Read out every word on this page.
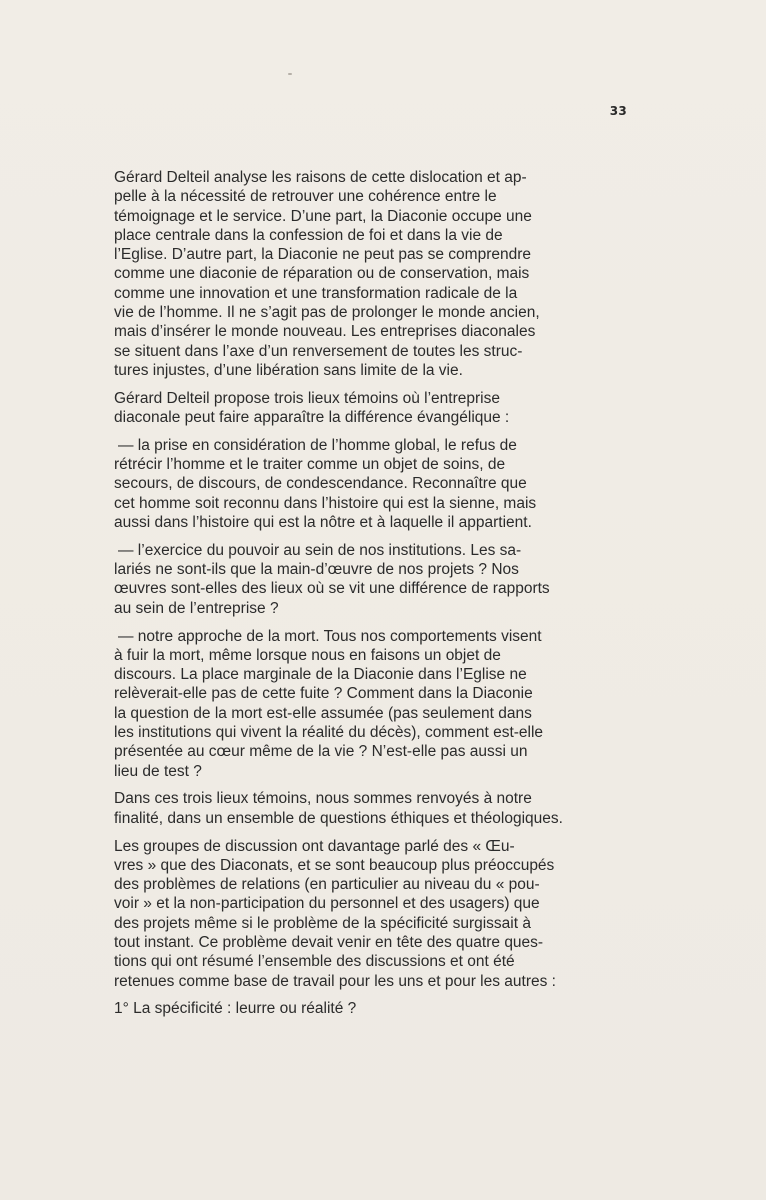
33

Gérard Delteil analyse les raisons de cette dislocation et ap-
pelle à la nécessité de retrouver une cohérence entre le
témoignage et le service. D’une part, la Diaconie occupe une
place centrale dans la confession de foi et dans la vie de
l’Eglise. D’autre part, la Diaconie ne peut pas se comprendre
comme une diaconie de réparation ou de conservation, mais
comme une innovation et une transformation radicale de la
vie de l’homme. Il ne s’agit pas de prolonger le monde ancien,
mais d’insérer le monde nouveau. Les entreprises diaconales
se situent dans l’axe d’un renversement de toutes les struc-
tures injustes, d’une libération sans limite de la vie.

Gérard Delteil propose trois lieux témoins où l’entreprise
diaconale peut faire apparaître la différence évangélique :

— la prise en considération de l’homme global, le refus de
rétrécir l’homme et le traiter comme un objet de soins, de
secours, de discours, de condescendance. Reconnaître que
cet homme soit reconnu dans l’histoire qui est la sienne, mais
aussi dans l’histoire qui est la nôtre et à laquelle il appartient.

— l’exercice du pouvoir au sein de nos institutions. Les sa-
lariés ne sont-ils que la main-d’œuvre de nos projets ? Nos
œuvres sont-elles des lieux où se vit une différence de rapports
au sein de l’entreprise ?

— notre approche de la mort. Tous nos comportements visent
à fuir la mort, même lorsque nous en faisons un objet de
discours. La place marginale de la Diaconie dans l’Eglise ne
relèverait-elle pas de cette fuite ? Comment dans la Diaconie
la question de la mort est-elle assumée (pas seulement dans
les institutions qui vivent la réalité du décès), comment est-elle
présentée au cœur même de la vie ? N’est-elle pas aussi un
lieu de test ?

Dans ces trois lieux témoins, nous sommes renvoyés à notre
finalité, dans un ensemble de questions éthiques et théologiques.

Les groupes de discussion ont davantage parlé des « Œu-
vres » que des Diaconats, et se sont beaucoup plus préoccupés
des problèmes de relations (en particulier au niveau du « pou-
voir » et la non-participation du personnel et des usagers) que
des projets même si le problème de la spécificité surgissait à
tout instant. Ce problème devait venir en tête des quatre ques-
tions qui ont résumé l’ensemble des discussions et ont été
retenues comme base de travail pour les uns et pour les autres :

1° La spécificité : leurre ou réalité ?
